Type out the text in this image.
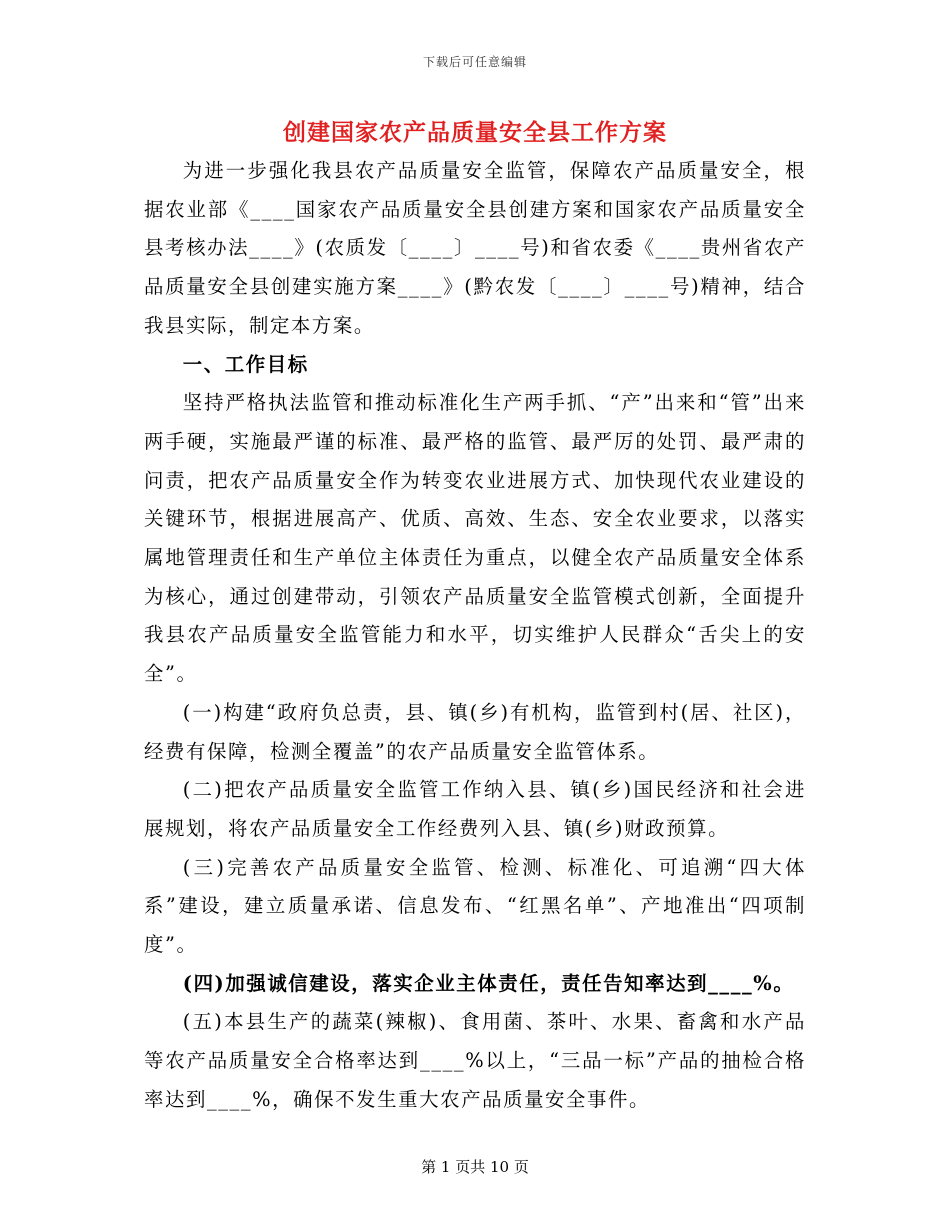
下载后可任意编辑
创建国家农产品质量安全县工作方案

为进一步强化我县农产品质量安全监管，保障农产品质量安全，根据农业部《____国家农产品质量安全县创建方案和国家农产品质量安全县考核办法____》(农质发〔____〕____号)和省农委《____贵州省农产品质量安全县创建实施方案____》(黔农发〔____〕____号)精神，结合我县实际，制定本方案。

一、工作目标

坚持严格执法监管和推动标准化生产两手抓、“产”出来和“管”出来两手硬，实施最严谨的标准、最严格的监管、最严厉的处罚、最严肃的问责，把农产品质量安全作为转变农业进展方式、加快现代农业建设的关键环节，根据进展高产、优质、高效、生态、安全农业要求，以落实属地管理责任和生产单位主体责任为重点，以健全农产品质量安全体系为核心，通过创建带动，引领农产品质量安全监管模式创新，全面提升我县农产品质量安全监管能力和水平，切实维护人民群众“舌尖上的安全”。

(一)构建“政府负总责，县、镇(乡)有机构，监管到村(居、社区)，经费有保障，检测全覆盖”的农产品质量安全监管体系。

(二)把农产品质量安全监管工作纳入县、镇(乡)国民经济和社会进展规划，将农产品质量安全工作经费列入县、镇(乡)财政预算。

(三)完善农产品质量安全监管、检测、标准化、可追溯“四大体系”建设，建立质量承诺、信息发布、“红黑名单”、产地准出“四项制度”。

(四)加强诚信建设，落实企业主体责任，责任告知率达到____%。

(五)本县生产的蔬菜(辣椒)、食用菌、茶叶、水果、畜禽和水产品等农产品质量安全合格率达到____%以上，“三品一标”产品的抽检合格率达到____%，确保不发生重大农产品质量安全事件。

第 1 页共 10 页
